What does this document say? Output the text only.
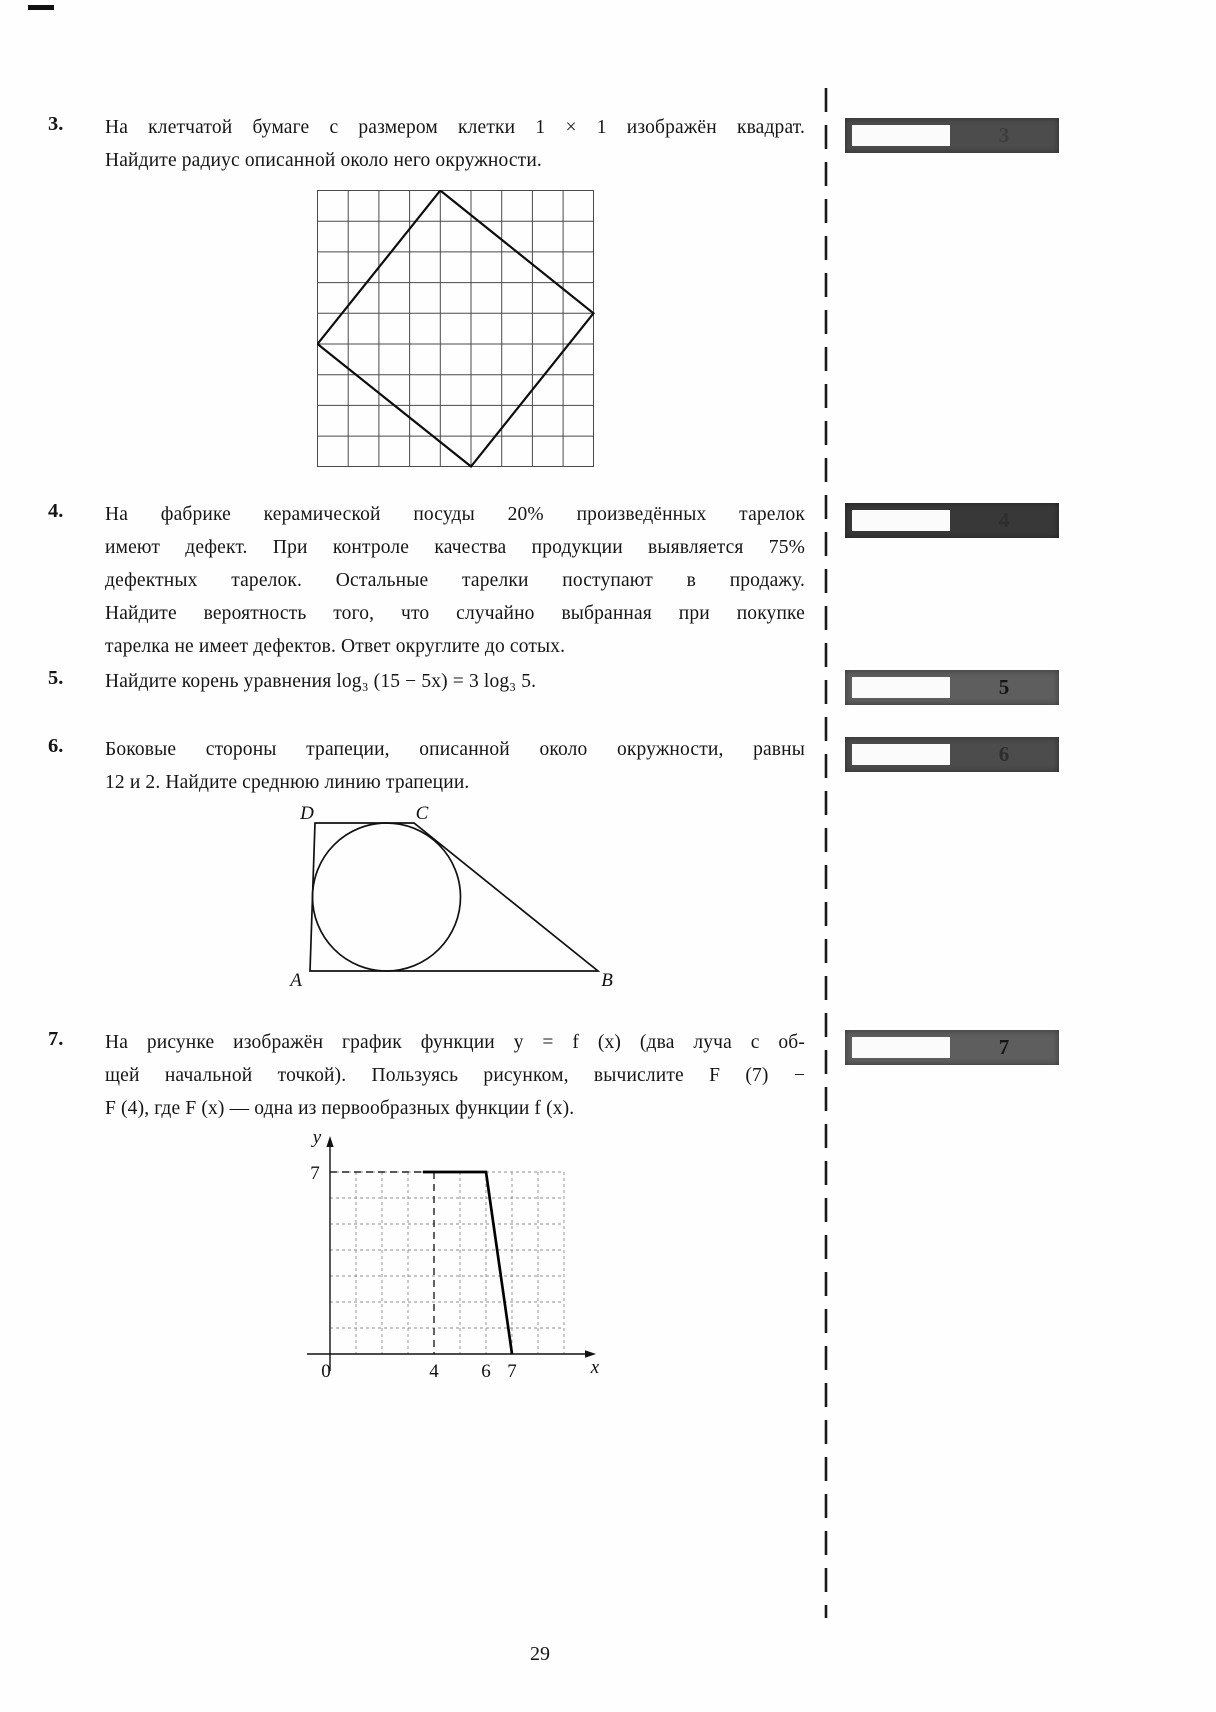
3. На клетчатой бумаге с размером клетки 1 × 1 изображён квадрат.
Найдите радиус описанной около него окружности.
4. На фабрике керамической посуды 20% произведённых тарелок
имеют дефект. При контроле качества продукции выявляется 75%
дефектных тарелок. Остальные тарелки поступают в продажу.
Найдите вероятность того, что случайно выбранная при покупке
тарелка не имеет дефектов. Ответ округлите до сотых.
5. Найдите корень уравнения log₃ (15 − 5x) = 3 log₃ 5.
6. Боковые стороны трапеции, описанной около окружности, равны
12 и 2. Найдите среднюю линию трапеции.
D	C
A	B
7. На рисунке изображён график функции y = f (x) (два луча с об-
щей начальной точкой). Пользуясь рисунком, вычислите F (7) −
F (4), где F (x) — одна из первообразных функции f (x).
y
7
0	4 6 7	x
3
4
5
6
7
29
